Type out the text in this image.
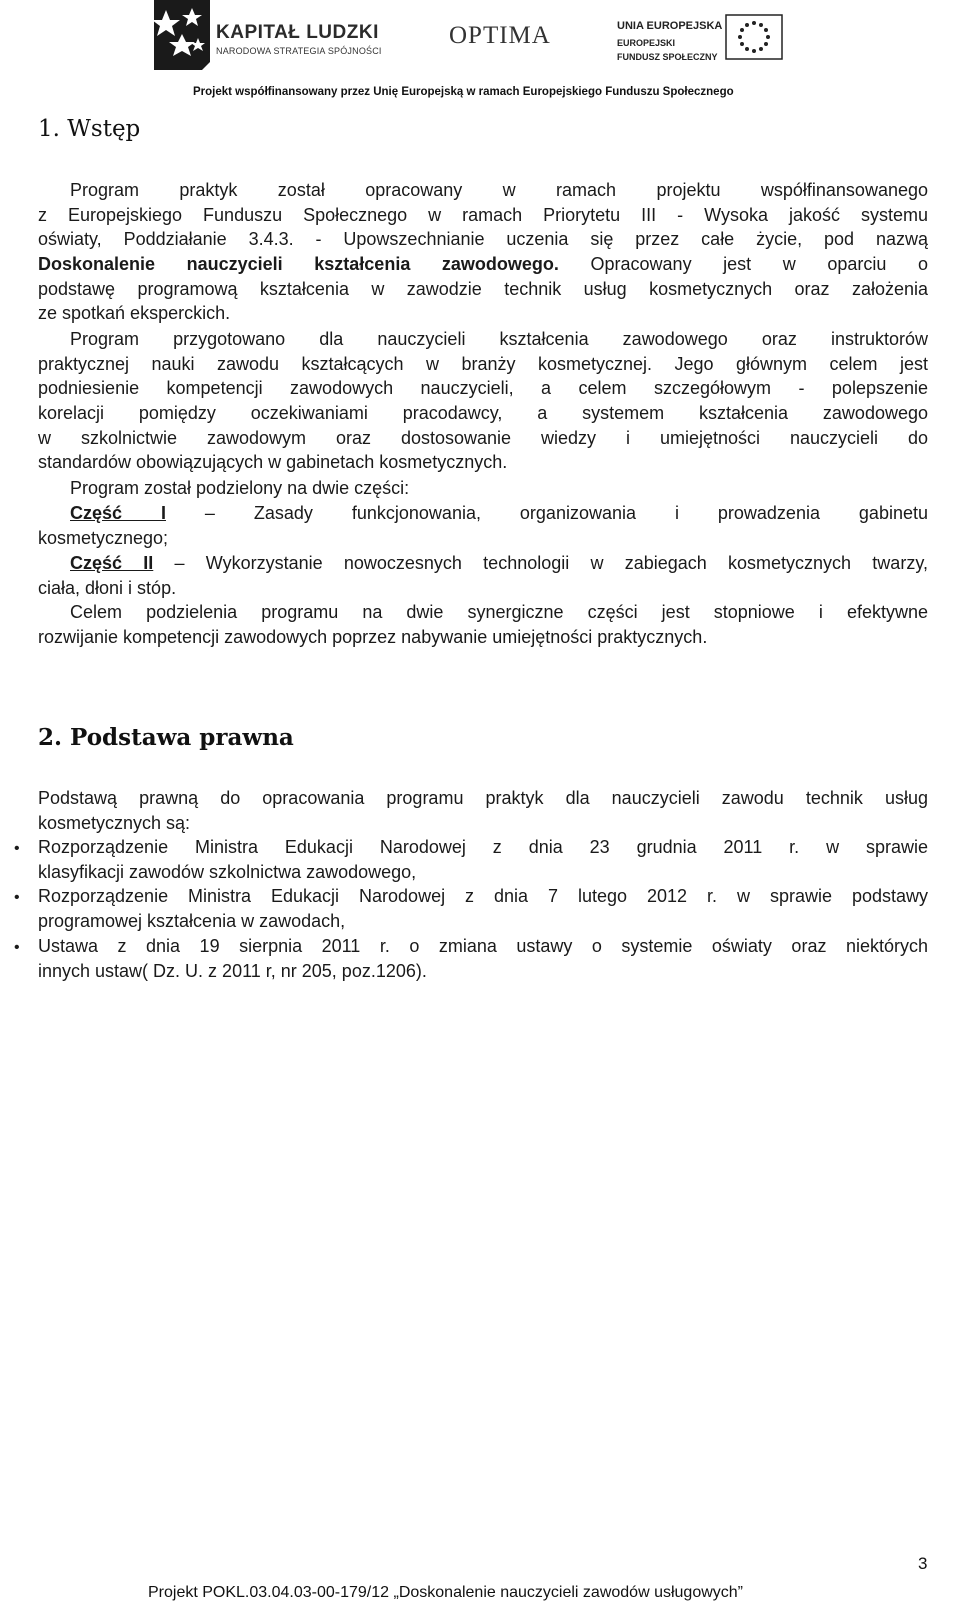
KAPITAŁ LUDZKI
NARODOWA STRATEGIA SPÓJNOŚCI
OPTIMA	UNIA EUROPEJSKA
EUROPEJSKI
FUNDUSZ SPOŁECZNY
Projekt współfinansowany przez Unię Europejską w ramach Europejskiego Funduszu Społecznego
1. Wstęp
Program praktyk został opracowany w ramach projektu współfinansowanego
z Europejskiego Funduszu Społecznego w ramach Priorytetu III - Wysoka jakość systemu
oświaty, Poddziałanie 3.4.3. - Upowszechnianie uczenia się przez całe życie, pod nazwą
Doskonalenie nauczycieli kształcenia zawodowego. Opracowany jest w oparciu o
podstawę programową kształcenia w zawodzie technik usług kosmetycznych oraz założenia
ze spotkań eksperckich.
Program przygotowano dla nauczycieli kształcenia zawodowego oraz instruktorów
praktycznej nauki zawodu kształcących w branży kosmetycznej. Jego głównym celem jest
podniesienie kompetencji zawodowych nauczycieli, a celem szczegółowym - polepszenie
korelacji pomiędzy oczekiwaniami pracodawcy, a systemem kształcenia zawodowego
w szkolnictwie zawodowym oraz dostosowanie wiedzy i umiejętności nauczycieli do
standardów obowiązujących w gabinetach kosmetycznych.
Program został podzielony na dwie części:
Część I – Zasady funkcjonowania, organizowania i prowadzenia gabinetu
kosmetycznego;
Część II – Wykorzystanie nowoczesnych technologii w zabiegach kosmetycznych twarzy,
ciała, dłoni i stóp.
Celem podzielenia programu na dwie synergiczne części jest stopniowe i efektywne
rozwijanie kompetencji zawodowych poprzez nabywanie umiejętności praktycznych.
2. Podstawa prawna
Podstawą prawną do opracowania programu praktyk dla nauczycieli zawodu technik usług
kosmetycznych są:
• Rozporządzenie Ministra Edukacji Narodowej z dnia 23 grudnia 2011 r. w sprawie
klasyfikacji zawodów szkolnictwa zawodowego,
• Rozporządzenie Ministra Edukacji Narodowej z dnia 7 lutego 2012 r. w sprawie podstawy
programowej kształcenia w zawodach,
• Ustawa z dnia 19 sierpnia 2011 r. o zmiana ustawy o systemie oświaty oraz niektórych
innych ustaw( Dz. U. z 2011 r, nr 205, poz.1206).
3
Projekt POKL.03.04.03-00-179/12 „Doskonalenie nauczycieli zawodów usługowych”
